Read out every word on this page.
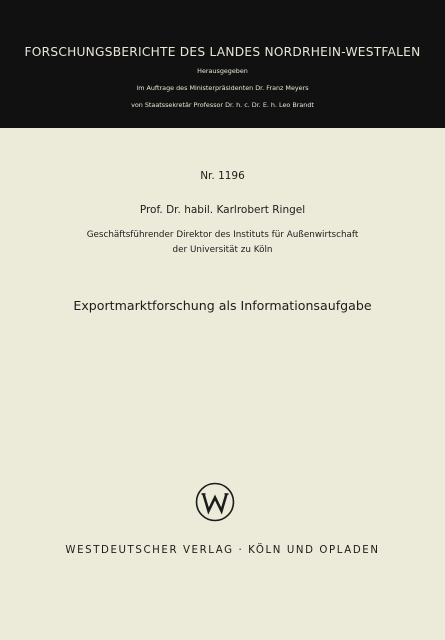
FORSCHUNGSBERICHTE DES LANDES NORDRHEIN-WESTFALEN
Herausgegeben
im Auftrage des Ministerpräsidenten Dr. Franz Meyers
von Staatssekretär Professor Dr. h. c. Dr. E. h. Leo Brandt
Nr. 1196
Prof. Dr. habil. Karlrobert Ringel
Geschäftsführender Direktor des Instituts für Außenwirtschaft
der Universität zu Köln
Exportmarktforschung als Informationsaufgabe
WESTDEUTSCHER VERLAG · KÖLN UND OPLADEN
